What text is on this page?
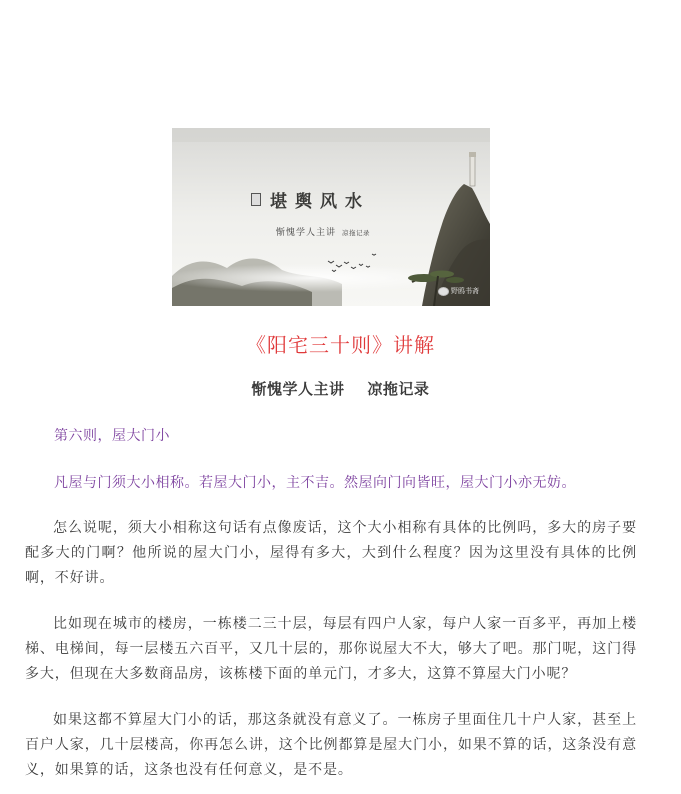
堪舆风水
惭愧学人主讲 凉拖记录
野鸥书斋
《阳宅三十则》讲解
惭愧学人主讲    凉拖记录
第六则，屋大门小
凡屋与门须大小相称。若屋大门小，主不吉。然屋向门向皆旺，屋大门小亦无妨。

怎么说呢，须大小相称这句话有点像废话，这个大小相称有具体的比例吗，多大的房子要配多大的门啊？他所说的屋大门小，屋得有多大，大到什么程度？因为这里没有具体的比例啊，不好讲。

比如现在城市的楼房，一栋楼二三十层，每层有四户人家，每户人家一百多平，再加上楼梯、电梯间，每一层楼五六百平，又几十层的，那你说屋大不大，够大了吧。那门呢，这门得多大，但现在大多数商品房，该栋楼下面的单元门，才多大，这算不算屋大门小呢？

如果这都不算屋大门小的话，那这条就没有意义了。一栋房子里面住几十户人家，甚至上百户人家，几十层楼高，你再怎么讲，这个比例都算是屋大门小，如果不算的话，这条没有意义，如果算的话，这条也没有任何意义，是不是。
